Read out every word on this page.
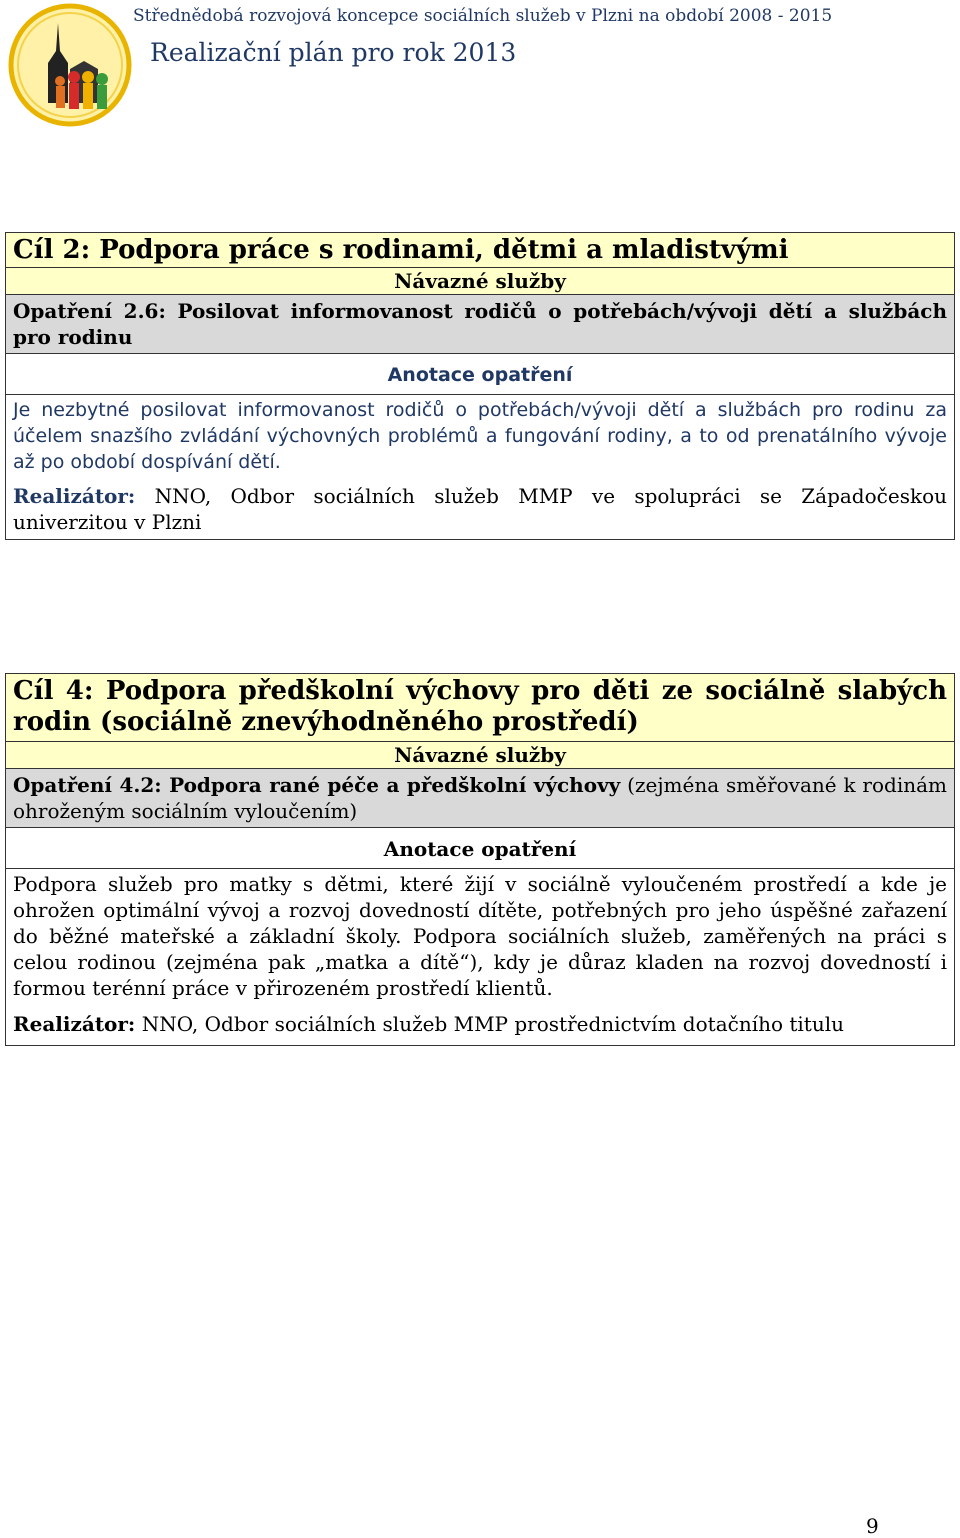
Střednědobá rozvojová koncepce sociálních služeb v Plzni na období 2008 - 2015
Realizační plán pro rok 2013
Cíl 2: Podpora práce s rodinami, dětmi a mladistvými
Návazné služby
Opatření 2.6: Posilovat informovanost rodičů o potřebách/vývoji dětí a službách pro rodinu
Anotace opatření

Je nezbytné posilovat informovanost rodičů o potřebách/vývoji dětí a službách pro rodinu za účelem snazšího zvládání výchovných problémů a fungování rodiny, a to od prenatálního vývoje až po období dospívání dětí.

Realizátor: NNO, Odbor sociálních služeb MMP ve spolupráci se Západočeskou univerzitou v Plzni

Cíl 4: Podpora předškolní výchovy pro děti ze sociálně slabých rodin (sociálně znevýhodněného prostředí)
Návazné služby
Opatření 4.2: Podpora rané péče a předškolní výchovy (zejména směřované k rodinám ohroženým sociálním vyloučením)
Anotace opatření

Podpora služeb pro matky s dětmi, které žijí v sociálně vyloučeném prostředí a kde je ohrožen optimální vývoj a rozvoj dovedností dítěte, potřebných pro jeho úspěšné zařazení do běžné mateřské a základní školy. Podpora sociálních služeb, zaměřených na práci s celou rodinou (zejména pak „matka a dítě“), kdy je důraz kladen na rozvoj dovedností i formou terénní práce v přirozeném prostředí klientů.

Realizátor: NNO, Odbor sociálních služeb MMP prostřednictvím dotačního titulu

9
